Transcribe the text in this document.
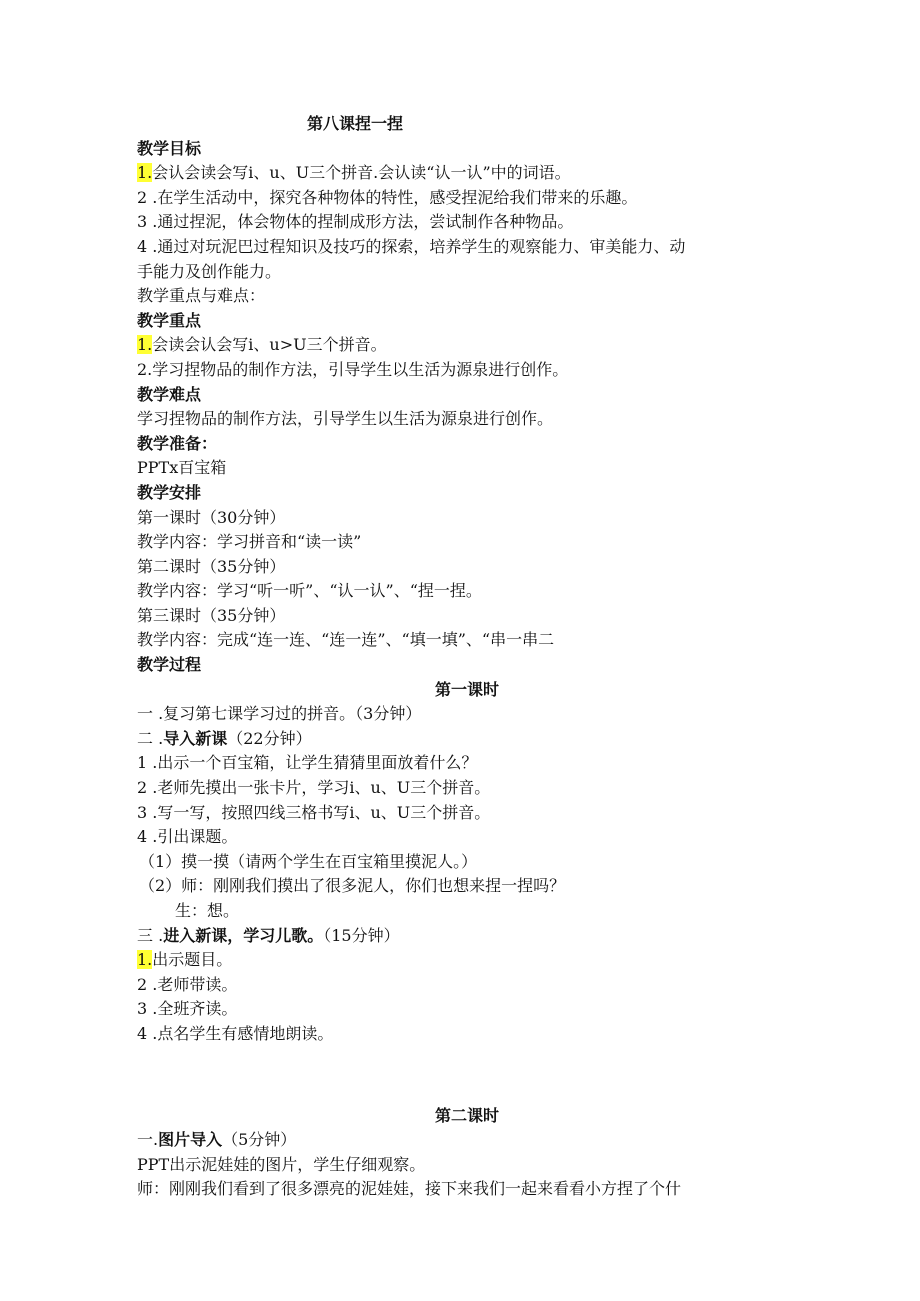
第八课捏一捏

教学目标

1.会认会读会写i、u、U三个拼音.会认读“认一认”中的词语。

2 .在学生活动中，探究各种物体的特性，感受捏泥给我们带来的乐趣。

3 .通过捏泥，体会物体的捏制成形方法，尝试制作各种物品。

4 .通过对玩泥巴过程知识及技巧的探索，培养学生的观察能力、审美能力、动

手能力及创作能力。

教学重点与难点：

教学重点

1.会读会认会写i、u>U三个拼音。

2.学习捏物品的制作方法，引导学生以生活为源泉进行创作。

教学难点

学习捏物品的制作方法，引导学生以生活为源泉进行创作。

教学准备：

PPTx百宝箱

教学安排

第一课时（30分钟）

教学内容：学习拼音和“读一读”

第二课时（35分钟）

教学内容：学习“听一听”、“认一认”、“捏一捏。

第三课时（35分钟）

教学内容：完成“连一连、“连一连”、“填一填”、“串一串二

教学过程

第一课时

一 .复习第七课学习过的拼音。（3分钟）

二 .导入新课（22分钟）

1 .出示一个百宝箱，让学生猜猜里面放着什么？

2 .老师先摸出一张卡片，学习i、u、U三个拼音。

3 .写一写，按照四线三格书写i、u、U三个拼音。

4 .引出课题。

（1）摸一摸（请两个学生在百宝箱里摸泥人。）

（2）师：刚刚我们摸出了很多泥人，你们也想来捏一捏吗？

生：想。

三 .进入新课，学习儿歌。（15分钟）

1.出示题目。

2 .老师带读。

3 .全班齐读。

4 .点名学生有感情地朗读。

第二课时

一.图片导入（5分钟）

PPT出示泥娃娃的图片，学生仔细观察。

师：刚刚我们看到了很多漂亮的泥娃娃，接下来我们一起来看看小方捏了个什
